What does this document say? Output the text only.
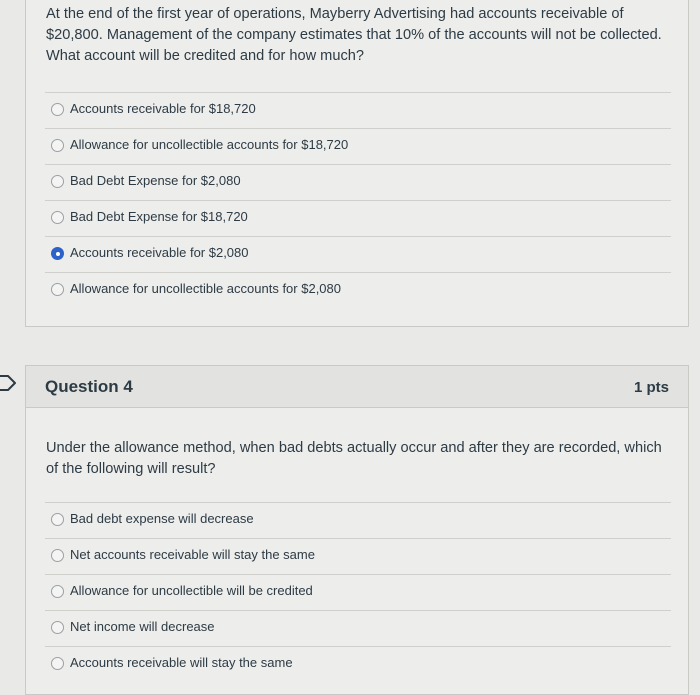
At the end of the first year of operations, Mayberry Advertising had accounts receivable of $20,800. Management of the company estimates that 10% of the accounts will not be collected. What account will be credited and for how much?
Accounts receivable for $18,720
Allowance for uncollectible accounts for $18,720
Bad Debt Expense for $2,080
Bad Debt Expense for $18,720
Accounts receivable for $2,080
Allowance for uncollectible accounts for $2,080
Question 4	1 pts
Under the allowance method, when bad debts actually occur and after they are recorded, which of the following will result?
Bad debt expense will decrease
Net accounts receivable will stay the same
Allowance for uncollectible will be credited
Net income will decrease
Accounts receivable will stay the same
